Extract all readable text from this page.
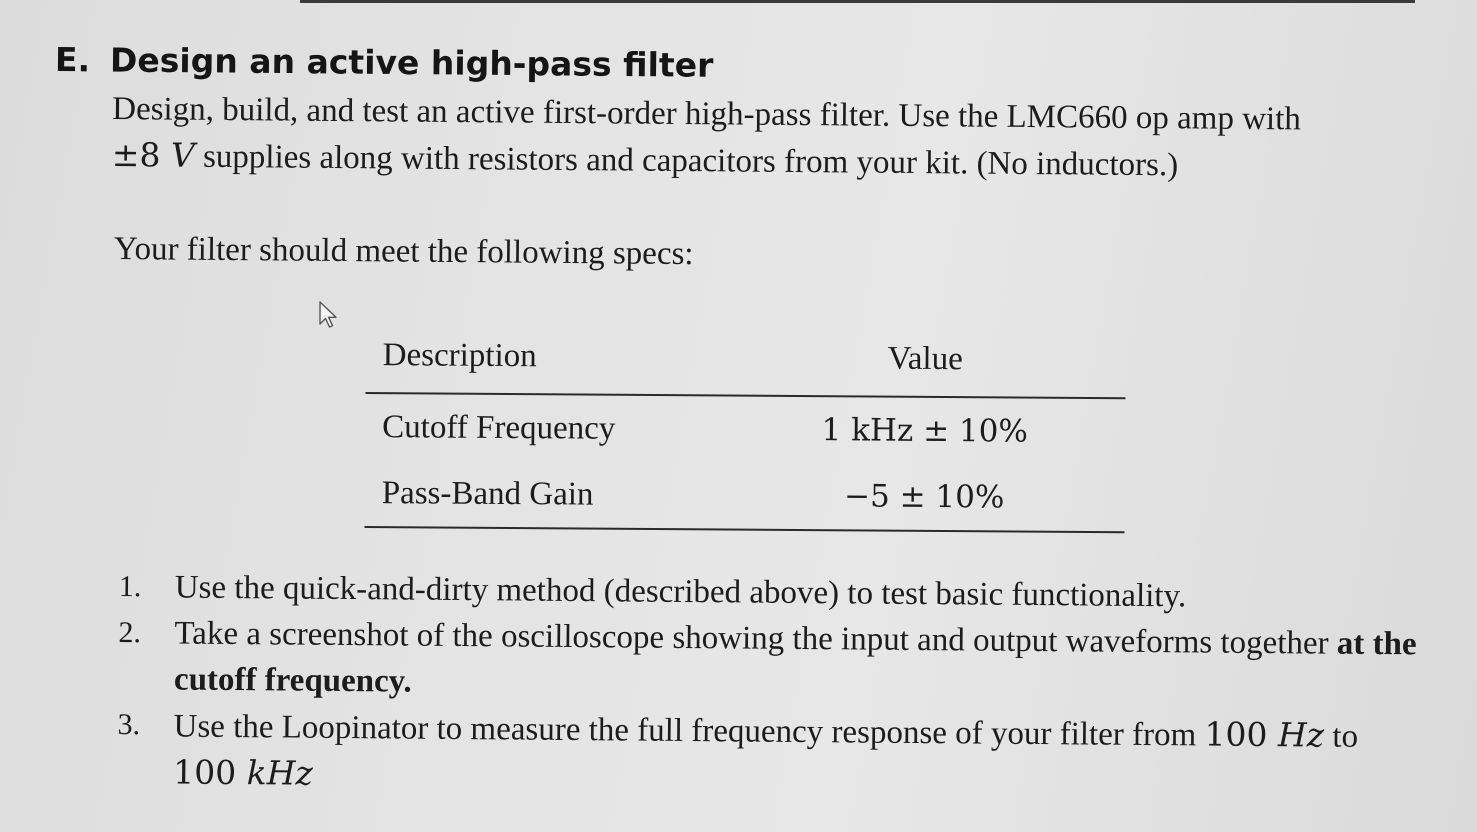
E. Design an active high-pass filter

Design, build, and test an active first-order high-pass filter. Use the LMC660 op amp with
±8 V supplies along with resistors and capacitors from your kit. (No inductors.)

Your filter should meet the following specs:

Description	Value
Cutoff Frequency	1 kHz ± 10%
Pass-Band Gain	−5 ± 10%
1. Use the quick-and-dirty method (described above) to test basic functionality.
2. Take a screenshot of the oscilloscope showing the input and output waveforms together at the cutoff frequency.
3. Use the Loopinator to measure the full frequency response of your filter from 100 Hz to 100 kHz
